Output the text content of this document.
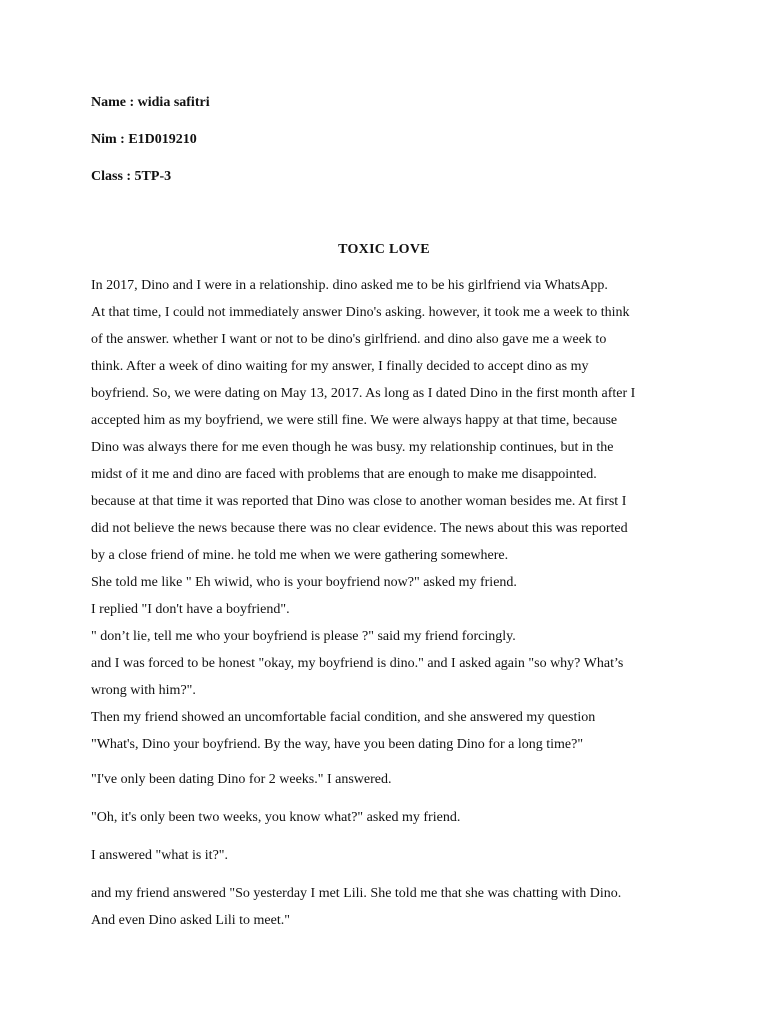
Name : widia safitri
Nim : E1D019210
Class : 5TP-3
TOXIC LOVE
In 2017, Dino and I were in a relationship. dino asked me to be his girlfriend via WhatsApp.
At that time, I could not immediately answer Dino's asking. however, it took me a week to think
of the answer. whether I want or not to be dino's girlfriend. and dino also gave me a week to
think. After a week of dino waiting for my answer, I finally decided to accept dino as my
boyfriend. So, we were dating on May 13, 2017. As long as I dated Dino in the first month after I
accepted him as my boyfriend, we were still fine. We were always happy at that time, because
Dino was always there for me even though he was busy. my relationship continues, but in the
midst of it me and dino are faced with problems that are enough to make me disappointed.
because at that time it was reported that Dino was close to another woman besides me. At first I
did not believe the news because there was no clear evidence. The news about this was reported
by a close friend of mine. he told me when we were gathering somewhere.
She told me like " Eh wiwid, who is your boyfriend now?" asked my friend.
I replied "I don't have a boyfriend".
" don’t lie, tell me who your boyfriend is please ?" said my friend forcingly.
and I was forced to be honest "okay, my boyfriend is dino." and I asked again "so why? What’s
wrong with him?".
Then my friend showed an uncomfortable facial condition, and she answered my question
"What's, Dino your boyfriend. By the way, have you been dating Dino for a long time?"
"I've only been dating Dino for 2 weeks." I answered.
"Oh, it's only been two weeks, you know what?" asked my friend.
I answered "what is it?".
and my friend answered "So yesterday I met Lili. She told me that she was chatting with Dino.
And even Dino asked Lili to meet."
